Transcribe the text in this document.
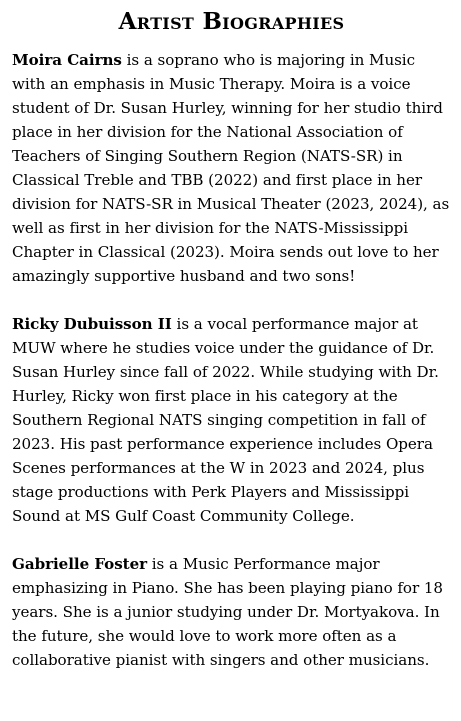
Artist Biographies

Moira Cairns is a soprano who is majoring in Music with an emphasis in Music Therapy. Moira is a voice student of Dr. Susan Hurley, winning for her studio third place in her division for the National Association of Teachers of Singing Southern Region (NATS-SR) in Classical Treble and TBB (2022) and first place in her division for NATS-SR in Musical Theater (2023, 2024), as well as first in her division for the NATS-Mississippi Chapter in Classical (2023). Moira sends out love to her amazingly supportive husband and two sons!

Ricky Dubuisson II is a vocal performance major at MUW where he studies voice under the guidance of Dr. Susan Hurley since fall of 2022. While studying with Dr. Hurley, Ricky won first place in his category at the Southern Regional NATS singing competition in fall of 2023. His past performance experience includes Opera Scenes performances at the W in 2023 and 2024, plus stage productions with Perk Players and Mississippi Sound at MS Gulf Coast Community College.

Gabrielle Foster is a Music Performance major emphasizing in Piano. She has been playing piano for 18 years. She is a junior studying under Dr. Mortyakova. In the future, she would love to work more often as a collaborative pianist with singers and other musicians.
